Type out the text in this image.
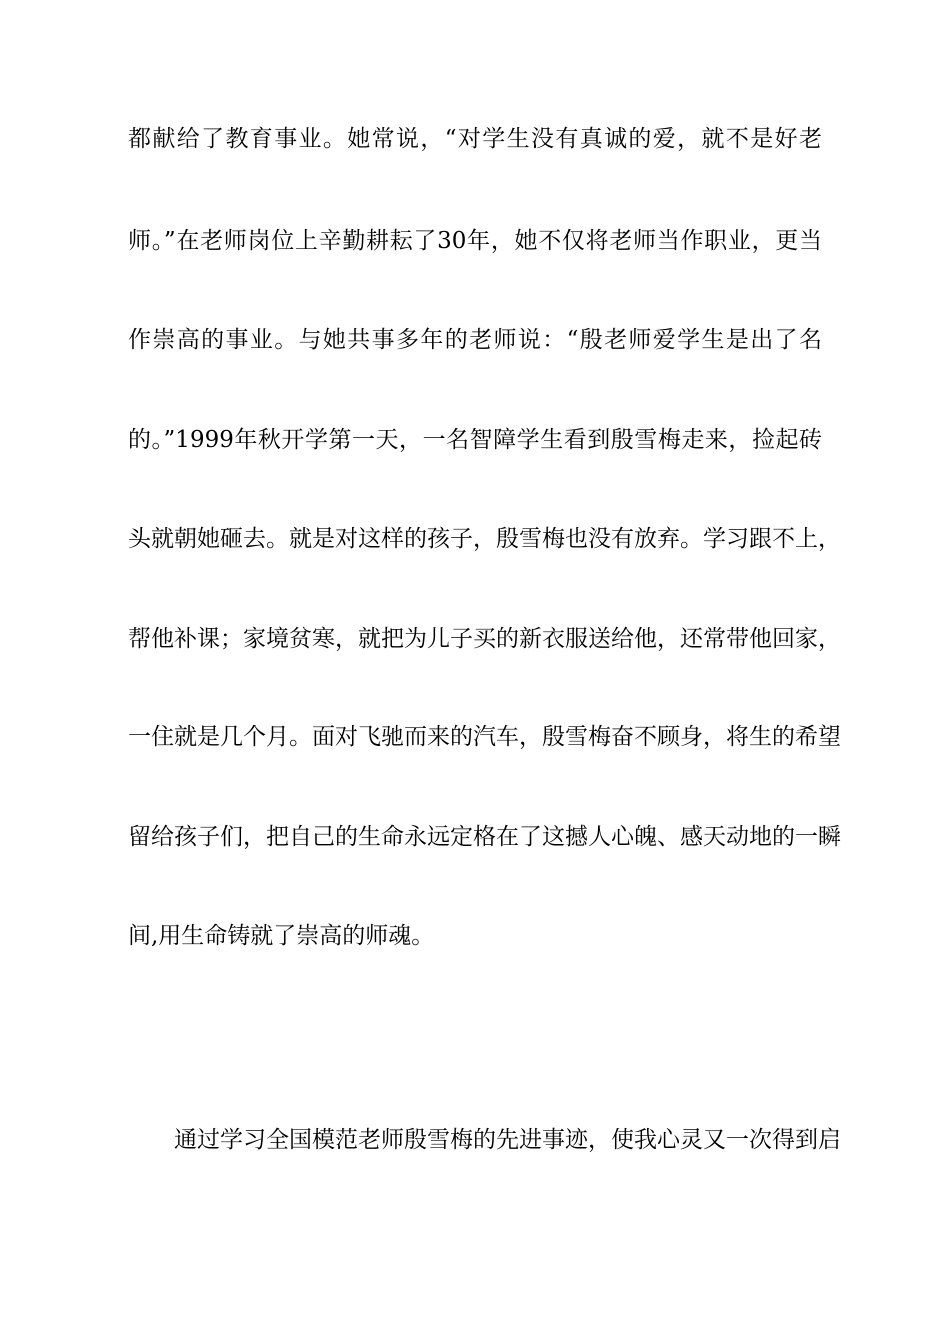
都献给了教育事业。她常说，“对学生没有真诚的爱，就不是好老
师。”在老师岗位上辛勤耕耘了30年，她不仅将老师当作职业，更当
作崇高的事业。与她共事多年的老师说：“殷老师爱学生是出了名
的。”1999年秋开学第一天，一名智障学生看到殷雪梅走来，捡起砖
头就朝她砸去。就是对这样的孩子，殷雪梅也没有放弃。学习跟不上，
帮他补课；家境贫寒，就把为儿子买的新衣服送给他，还常带他回家，
一住就是几个月。面对飞驰而来的汽车，殷雪梅奋不顾身，将生的希望
留给孩子们，把自己的生命永远定格在了这撼人心魄、感天动地的一瞬
间,用生命铸就了崇高的师魂。
通过学习全国模范老师殷雪梅的先进事迹，使我心灵又一次得到启
